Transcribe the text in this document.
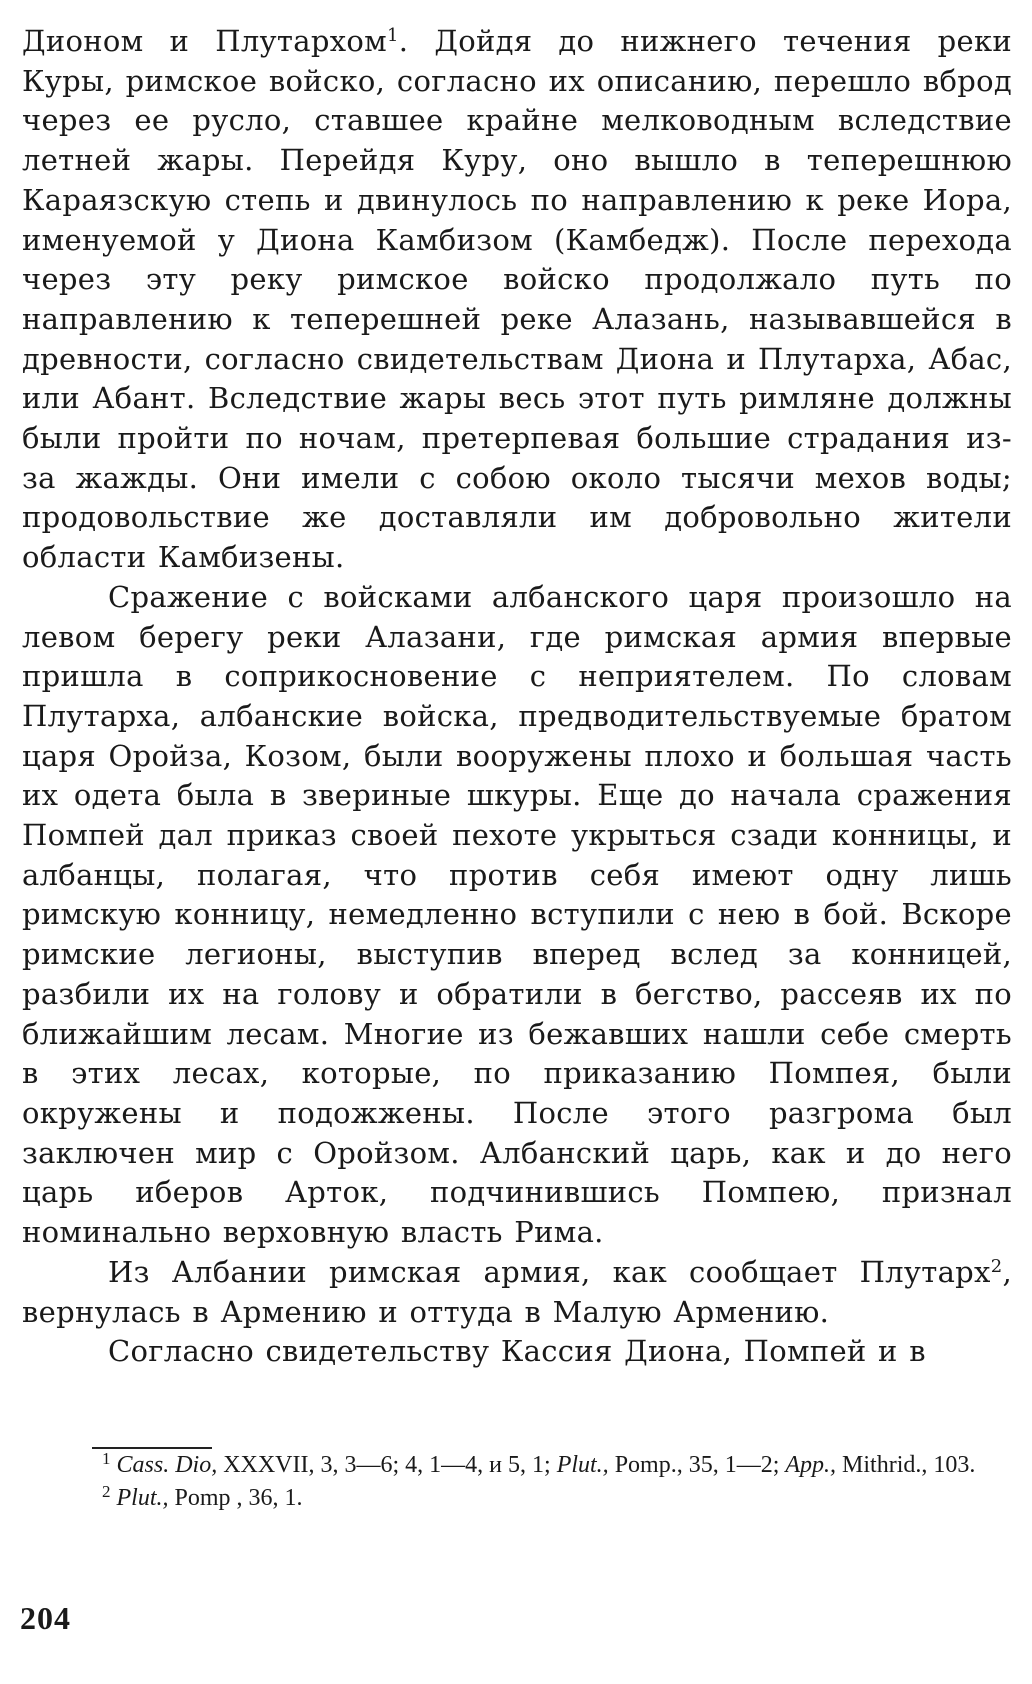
Дионом и Плутархом$^1$. Дойдя до нижнего течения реки Куры, римское войско, согласно их описанию, перешло вброд через ее русло, ставшее крайне мелководным вследствие летней жары. Перейдя Куру, оно вышло в теперешнюю Караязскую степь и двинулось по направлению к реке Иора, именуемой у Диона Камбизом (Камбедж). После перехода через эту реку римское войско продолжало путь по направлению к теперешней реке Алазань, называвшейся в древности, согласно свидетельствам Диона и Плутарха, Абас, или Абант. Вследствие жары весь этот путь римляне должны были пройти по ночам, претерпевая большие страдания из-за жажды. Они имели с собою около тысячи мехов воды; продовольствие же доставляли им добровольно жители области Камбизены.

Сражение с войсками албанского царя произошло на левом берегу реки Алазани, где римская армия впервые пришла в соприкосновение с неприятелем. По словам Плутарха, албанские войска, предводительствуемые братом царя Оройза, Козом, были вооружены плохо и большая часть их одета была в звериные шкуры. Еще до начала сражения Помпей дал приказ своей пехоте укрыться сзади конницы, и албанцы, полагая, что против себя имеют одну лишь римскую конницу, немедленно вступили с нею в бой. Вскоре римские легионы, выступив вперед вслед за конницей, разбили их на голову и обратили в бегство, рассеяв их по ближайшим лесам. Многие из бежавших нашли себе смерть в этих лесах, которые, по приказанию Помпея, были окружены и подожжены. После этого разгрома был заключен мир с Оройзом. Албанский царь, как и до него царь иберов Арток, подчинившись Помпею, признал номинально верховную власть Рима.

Из Албании римская армия, как сообщает Плутарх$^2$, вернулась в Армению и оттуда в Малую Армению.

Согласно свидетельству Кассия Диона, Помпей и в

$^1$ Cass. Dio, XXXVII, 3, 3—6; 4, 1—4, и 5, 1; Plut., Pomp., 35, 1—2; App., Mithrid., 103.

$^2$ Plut., Pomp , 36, 1.

204
